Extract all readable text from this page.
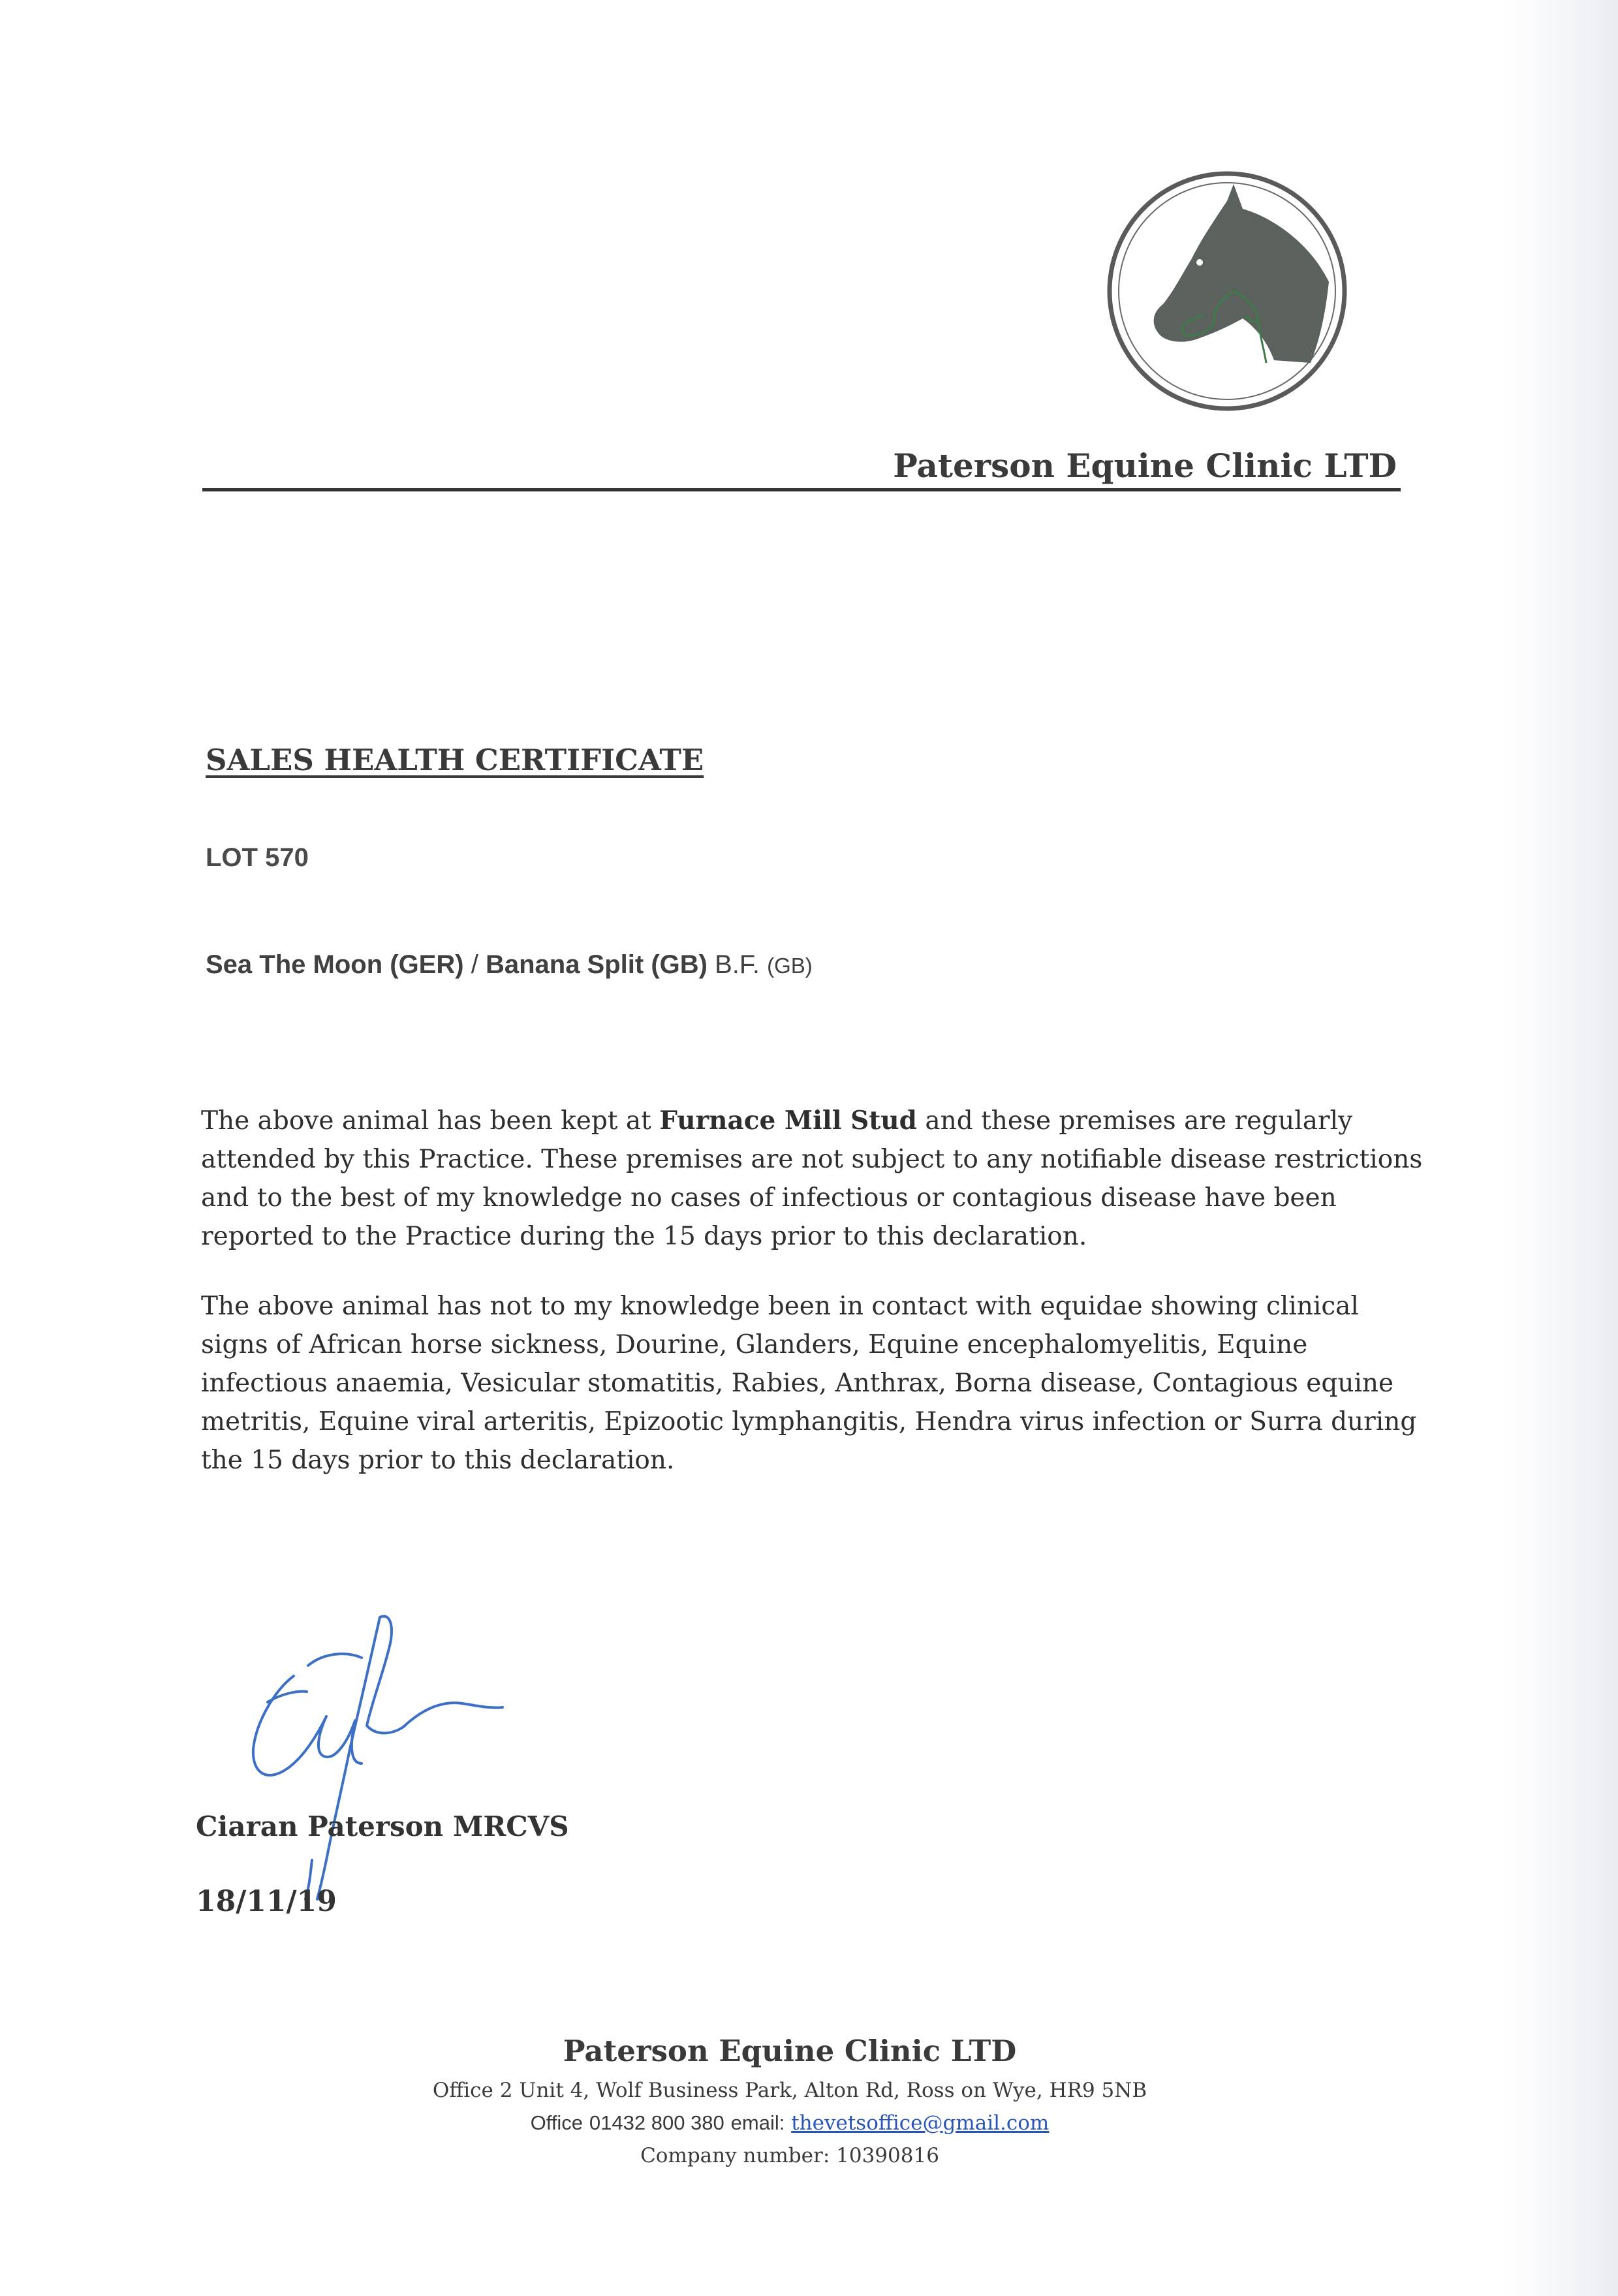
Paterson Equine Clinic LTD
SALES HEALTH CERTIFICATE
LOT 570
Sea The Moon (GER) / Banana Split (GB) B.F. (GB)

The above animal has been kept at Furnace Mill Stud and these premises are regularly attended by this Practice. These premises are not subject to any notifiable disease restrictions and to the best of my knowledge no cases of infectious or contagious disease have been reported to the Practice during the 15 days prior to this declaration.

The above animal has not to my knowledge been in contact with equidae showing clinical signs of African horse sickness, Dourine, Glanders, Equine encephalomyelitis, Equine infectious anaemia, Vesicular stomatitis, Rabies, Anthrax, Borna disease, Contagious equine metritis, Equine viral arteritis, Epizootic lymphangitis, Hendra virus infection or Surra during the 15 days prior to this declaration.

Ciaran Paterson MRCVS
18/11/19
Paterson Equine Clinic LTD
Office 2 Unit 4, Wolf Business Park, Alton Rd, Ross on Wye, HR9 5NB
Office 01432 800 380 email: thevetsoffice@gmail.com
Company number: 10390816
